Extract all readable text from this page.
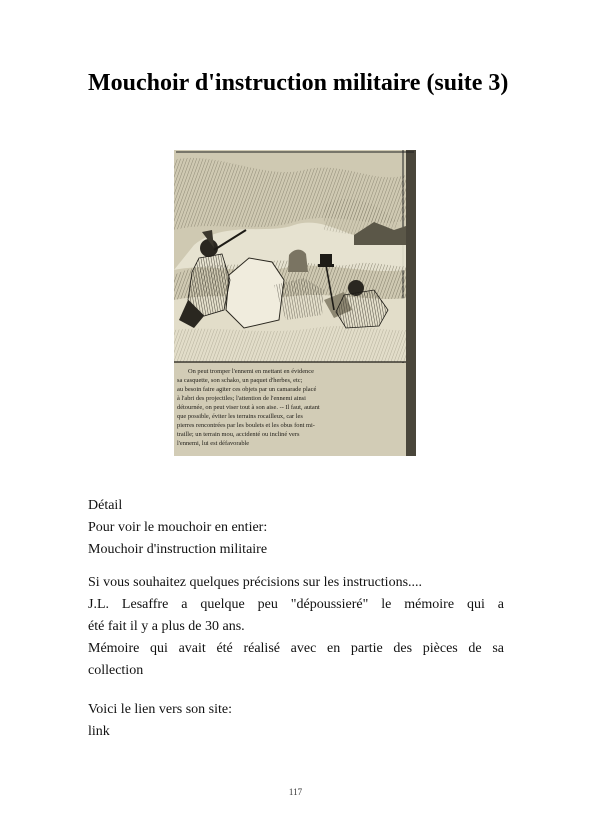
Mouchoir d'instruction militaire (suite 3)
On peut tromper l'ennemi en mettant en évidence
sa casquette, son schako, un paquet d'herbes, etc;
au besoin faire agiter ces objets par un camarade placé
à l'abri des projectiles; l'attention de l'ennemi ainsi
détournée, on peut viser tout à son aise. -- Il faut, autant
que possible, éviter les terrains rocailleux, car les
pierres rencontrées par les boulets et les obus font mi-
traille; un terrain mou, accidenté ou incliné vers
l'ennemi, lui est défavorable
Détail
Pour voir le mouchoir en entier:
Mouchoir d'instruction militaire
Si vous souhaitez quelques précisions sur les instructions....
J.L. Lesaffre a quelque peu "dépoussieré" le mémoire qui a
été fait il y a plus de 30 ans.
Mémoire qui avait été réalisé avec en partie des pièces de sa
collection
Voici le lien vers son site:
link
117
